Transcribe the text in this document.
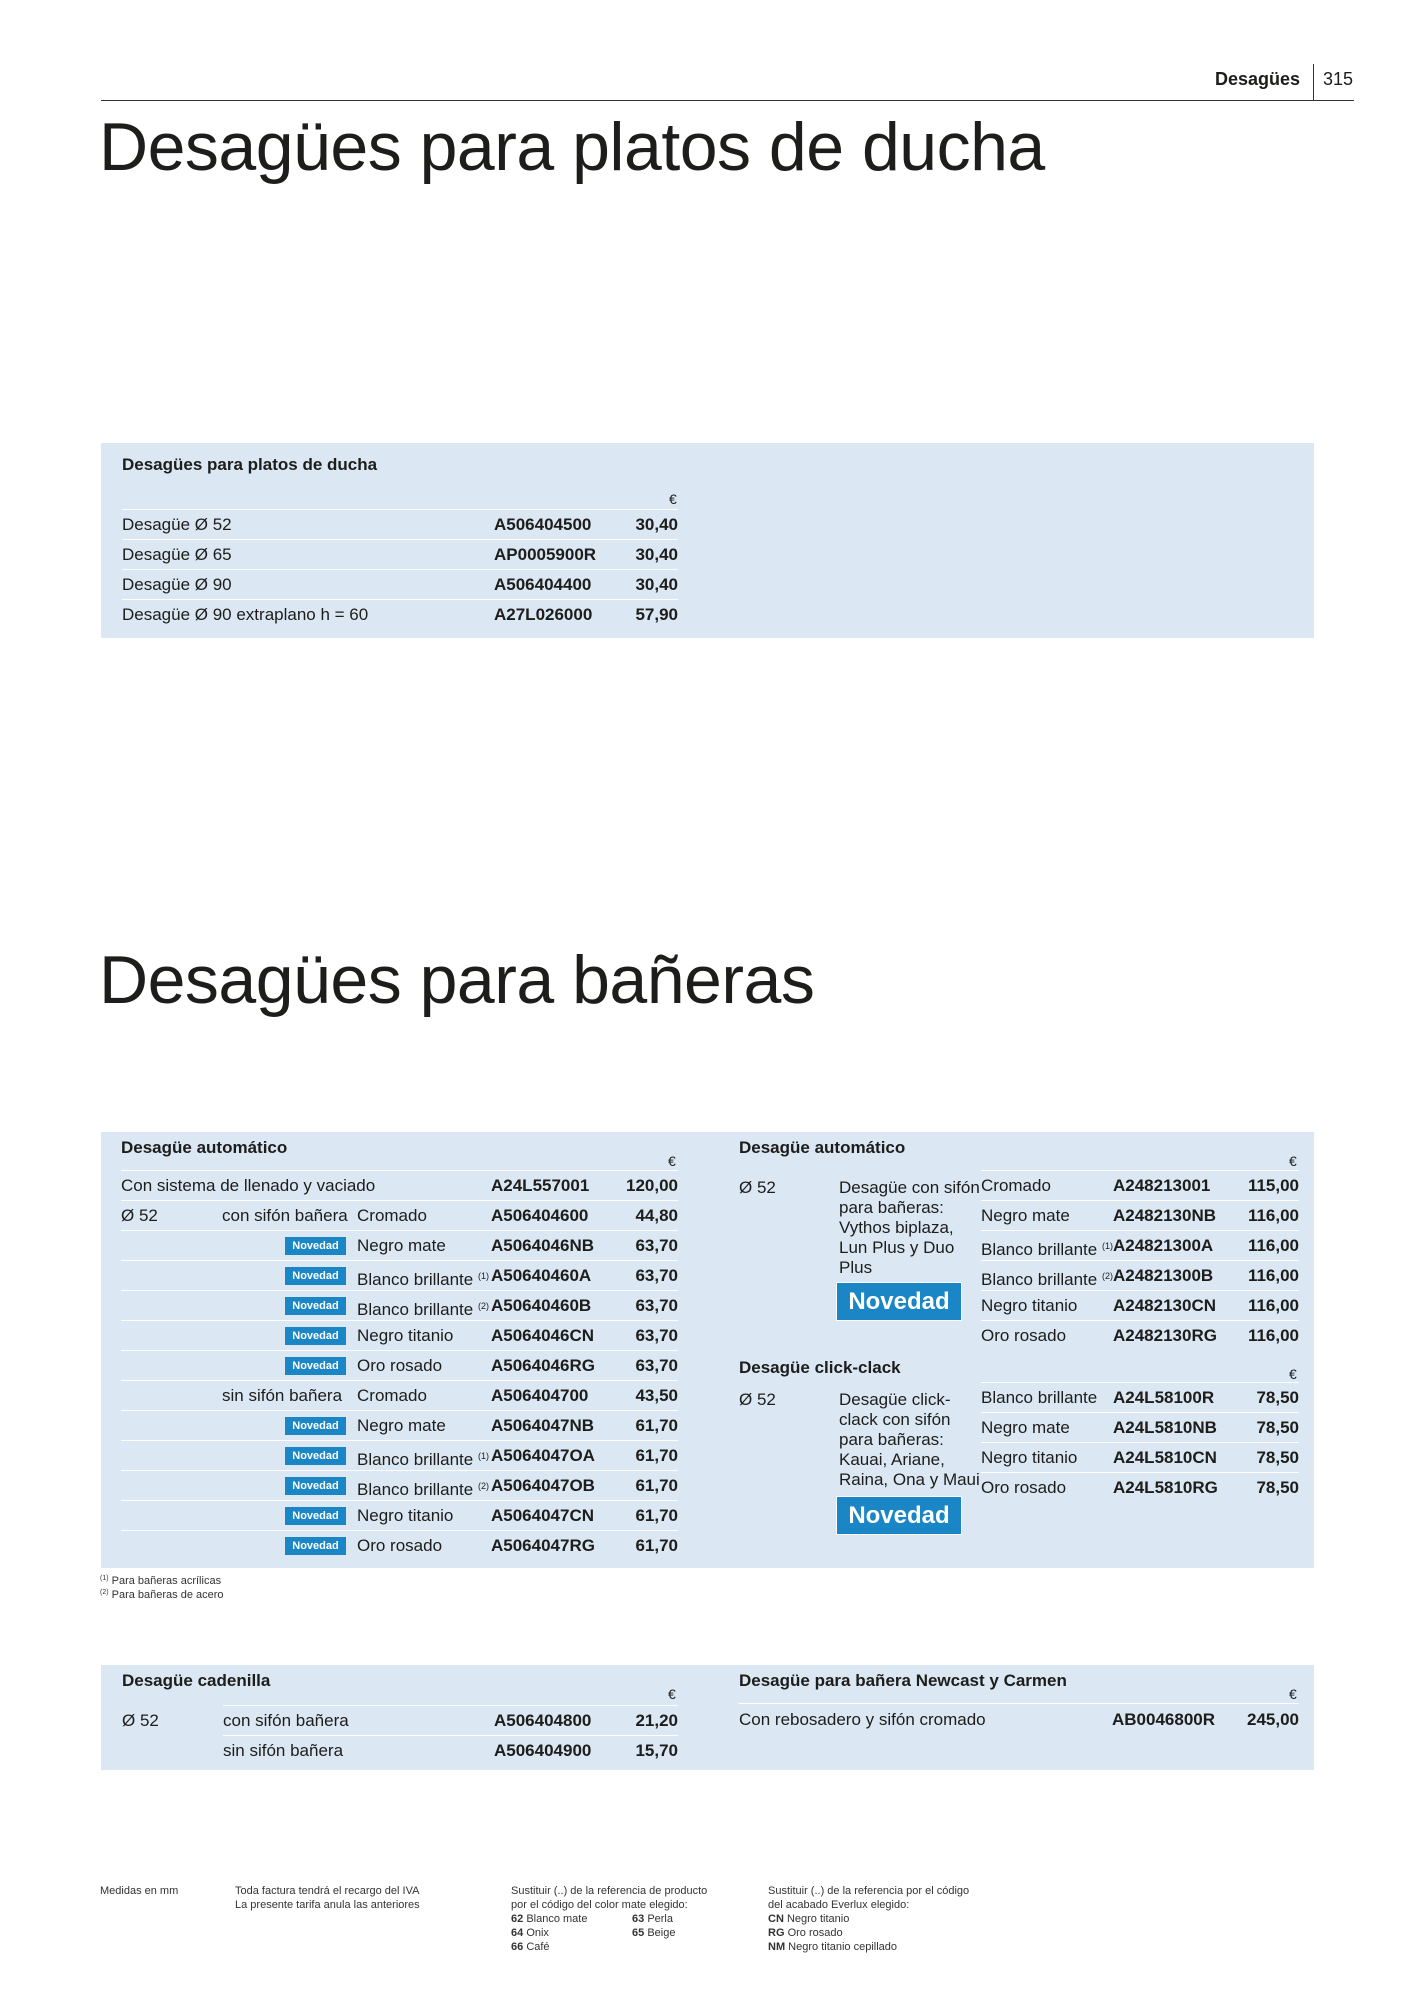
Desagües 315
Desagües para platos de ducha
Desagües para platos de ducha
€
Desagüe Ø 52	A506404500	30,40
Desagüe Ø 65	AP0005900R	30,40
Desagüe Ø 90	A506404400	30,40
Desagüe Ø 90 extraplano h = 60	A27L026000	57,90
Desagües para bañeras
Desagüe automático
€
Con sistema de llenado y vaciado	A24L557001	120,00
Ø 52	con sifón bañera Cromado	A506404600	44,80
Novedad	Negro mate	A5064046NB	63,70
Novedad	Blanco brillante $^{(1)}$ A50640460A	63,70
Novedad	Blanco brillante $^{(2)}$ A50640460B	63,70
Novedad	Negro titanio A5064046CN	63,70
Novedad	Oro rosado	A5064046RG	63,70
sin sifón bañera Cromado	A506404700	43,50
Novedad	Negro mate	A5064047NB	61,70
Novedad	Blanco brillante $^{(1)}$ A5064047OA	61,70
Novedad	Blanco brillante $^{(2)}$ A5064047OB	61,70
Novedad	Negro titanio A5064047CN	61,70
Novedad	Oro rosado	A5064047RG	61,70
Desagüe automático
€
Cromado	A248213001	115,00
Negro mate	A2482130NB	116,00
Blanco brillante $^{(1)}$ A24821300A	116,00
Blanco brillante $^{(2)}$ A24821300B	116,00
Negro titanio A2482130CN	116,00
Oro rosado	A2482130RG	116,00
Ø 52	Desagüe con sifón para bañeras: Vythos biplaza, Lun Plus y Duo Plus
Novedad
Desagüe click-clack	€
Blanco brillante A24L58100R	78,50
Negro mate	A24L5810NB	78,50
Negro titanio A24L5810CN	78,50
Oro rosado	A24L5810RG	78,50
Ø 52	Desagüe click-clack con sifón para bañeras: Kauai, Ariane, Raina, Ona y Maui
Novedad
$^{(1)}$ Para bañeras acrílicas
$^{(2)}$ Para bañeras de acero
Desagüe cadenilla
€
con sifón bañera	A506404800	21,20
sin sifón bañera	A506404900	15,70
Ø 52
Desagüe para bañera Newcast y Carmen
€
Con rebosadero y sifón cromado	AB0046800R	245,00
Medidas en mm	Toda factura tendrá el recargo del IVA
La presente tarifa anula las anteriores
Sustituir (..) de la referencia de producto
por el código del color mate elegido:
62 Blanco mate	63 Perla
64 Onix	65 Beige
66 Café
Sustituir (..) de la referencia por el código
del acabado Everlux elegido:
CN Negro titanio
RG Oro rosado
NM Negro titanio cepillado
